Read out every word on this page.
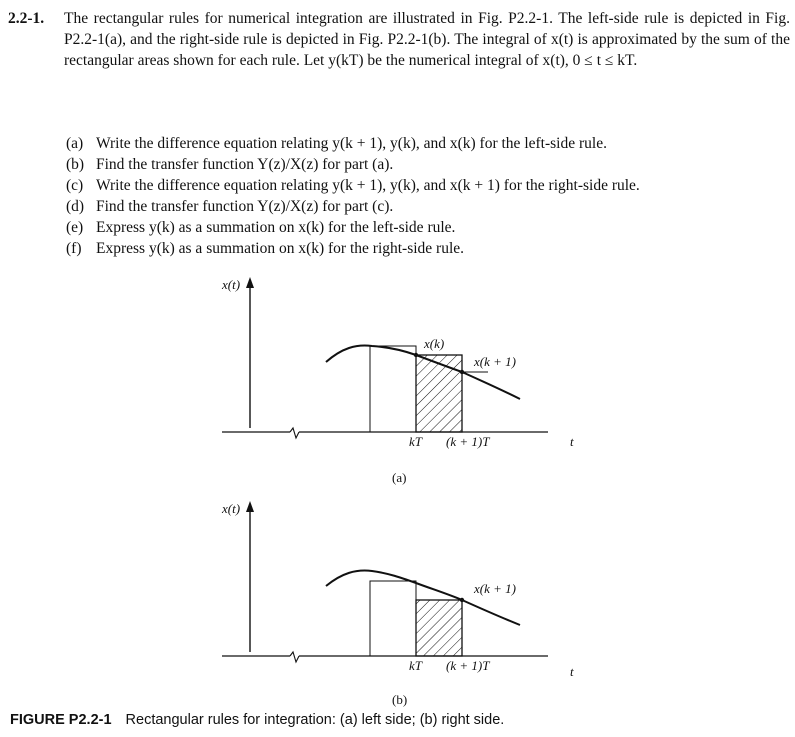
2.2-1. The rectangular rules for numerical integration are illustrated in Fig. P2.2-1. The left-side rule is depicted in Fig. P2.2-1(a), and the right-side rule is depicted in Fig. P2.2-1(b). The integral of x(t) is approximated by the sum of the rectangular areas shown for each rule. Let y(kT) be the numerical integral of x(t), 0 ≤ t ≤ kT.
(a) Write the difference equation relating y(k + 1), y(k), and x(k) for the left-side rule.
(b) Find the transfer function Y(z)/X(z) for part (a).
(c) Write the difference equation relating y(k + 1), y(k), and x(k + 1) for the right-side rule.
(d) Find the transfer function Y(z)/X(z) for part (c).
(e) Express y(k) as a summation on x(k) for the left-side rule.
(f) Express y(k) as a summation on x(k) for the right-side rule.
x(t)
x(k)
x(k + 1)
kT (k + 1)T	t
(a)
x(t)
x(k + 1)
kT (k + 1)T	t
(b)
FIGURE P2.2-1 Rectangular rules for integration: (a) left side; (b) right side.
